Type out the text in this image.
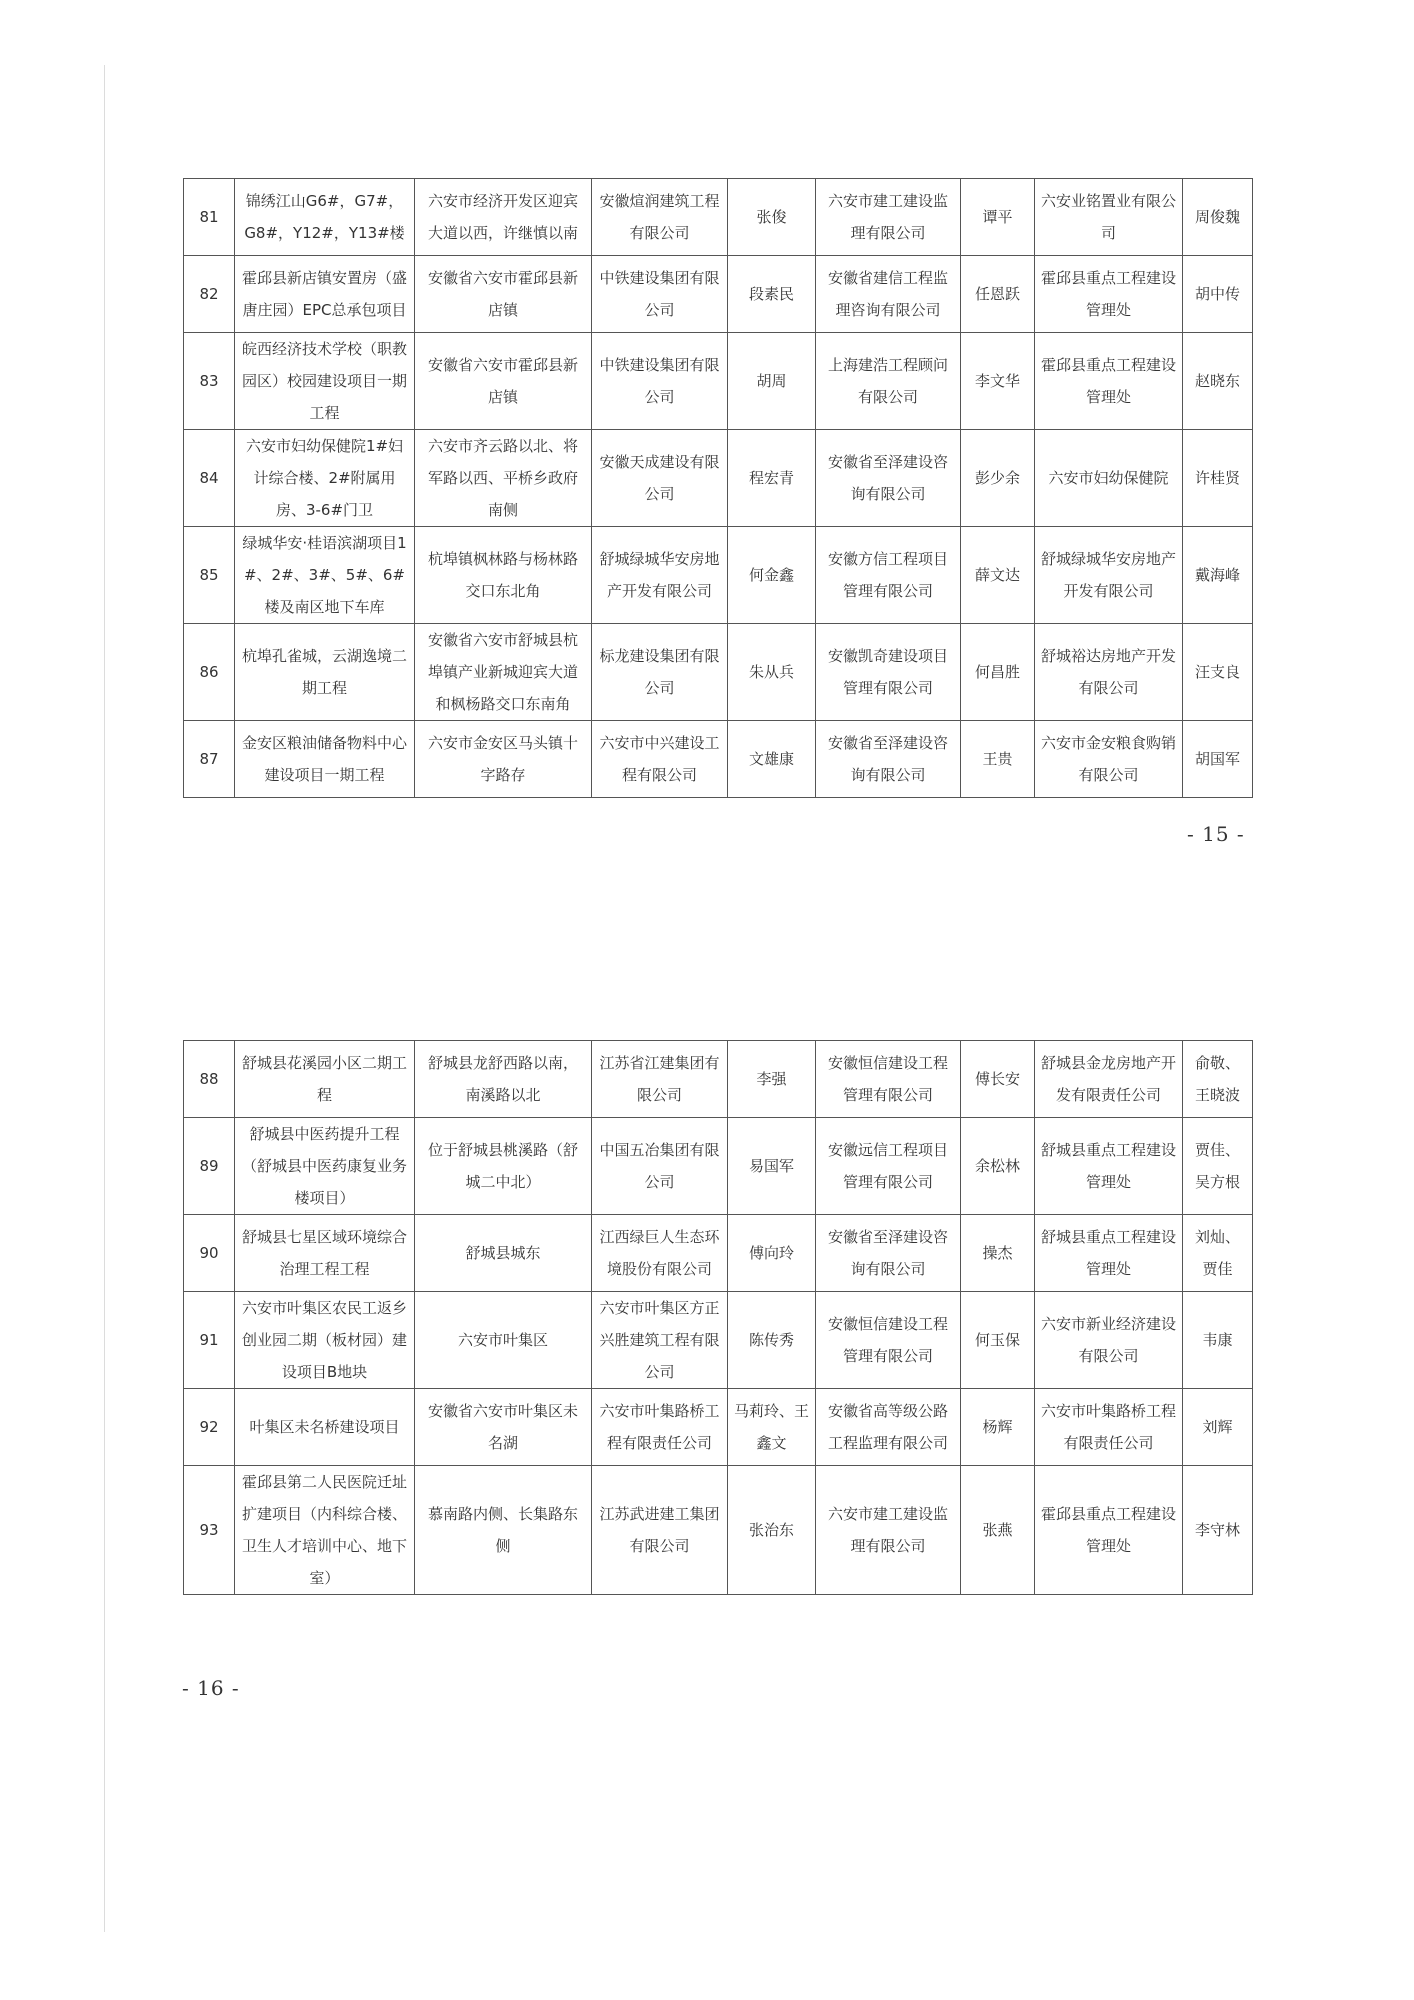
81	锦绣江山G6#，G7#，G8#，Y12#，Y13#楼	六安市经济开发区迎宾大道以西，许继慎以南	安徽煊润建筑工程有限公司	张俊	六安市建工建设监理有限公司	谭平	六安业铭置业有限公司	周俊魏
82	霍邱县新店镇安置房（盛唐庄园）EPC总承包项目	安徽省六安市霍邱县新店镇	中铁建设集团有限公司	段素民	安徽省建信工程监理咨询有限公司	任恩跃	霍邱县重点工程建设管理处	胡中传
83	皖西经济技术学校（职教园区）校园建设项目一期工程	安徽省六安市霍邱县新店镇	中铁建设集团有限公司	胡周	上海建浩工程顾问有限公司	李文华	霍邱县重点工程建设管理处	赵晓东
84	六安市妇幼保健院1#妇计综合楼、2#附属用房、3-6#门卫	六安市齐云路以北、将军路以西、平桥乡政府南侧	安徽天成建设有限公司	程宏青	安徽省至泽建设咨询有限公司	彭少余	六安市妇幼保健院	许桂贤
85	绿城华安·桂语滨湖项目1#、2#、3#、5#、6#楼及南区地下车库	杭埠镇枫林路与杨林路交口东北角	舒城绿城华安房地产开发有限公司	何金鑫	安徽方信工程项目管理有限公司	薛文达	舒城绿城华安房地产开发有限公司	戴海峰
86	杭埠孔雀城，云湖逸境二期工程	安徽省六安市舒城县杭埠镇产业新城迎宾大道和枫杨路交口东南角	标龙建设集团有限公司	朱从兵	安徽凯奇建设项目管理有限公司	何昌胜	舒城裕达房地产开发有限公司	汪支良
87	金安区粮油储备物料中心建设项目一期工程	六安市金安区马头镇十字路存	六安市中兴建设工程有限公司	文雄康	安徽省至泽建设咨询有限公司	王贵	六安市金安粮食购销有限公司	胡国军
- 15 -
88	舒城县花溪园小区二期工程	舒城县龙舒西路以南，南溪路以北	江苏省江建集团有限公司	李强	安徽恒信建设工程管理有限公司	傅长安	舒城县金龙房地产开发有限责任公司	俞敬、王晓波
89	舒城县中医药提升工程（舒城县中医药康复业务楼项目）	位于舒城县桃溪路（舒城二中北）	中国五冶集团有限公司	易国军	安徽远信工程项目管理有限公司	余松林	舒城县重点工程建设管理处	贾佳、吴方根
90	舒城县七星区域环境综合治理工程工程	舒城县城东	江西绿巨人生态环境股份有限公司	傅向玲	安徽省至泽建设咨询有限公司	操杰	舒城县重点工程建设管理处	刘灿、贾佳
91	六安市叶集区农民工返乡创业园二期（板材园）建设项目B地块	六安市叶集区	六安市叶集区方正兴胜建筑工程有限公司	陈传秀	安徽恒信建设工程管理有限公司	何玉保	六安市新业经济建设有限公司	韦康
92	叶集区未名桥建设项目	安徽省六安市叶集区未名湖	六安市叶集路桥工程有限责任公司	马莉玲、王鑫文	安徽省高等级公路工程监理有限公司	杨辉	六安市叶集路桥工程有限责任公司	刘辉
93	霍邱县第二人民医院迁址扩建项目（内科综合楼、卫生人才培训中心、地下室）	慕南路内侧、长集路东侧	江苏武进建工集团有限公司	张治东	六安市建工建设监理有限公司	张燕	霍邱县重点工程建设管理处	李守林
- 16 -
